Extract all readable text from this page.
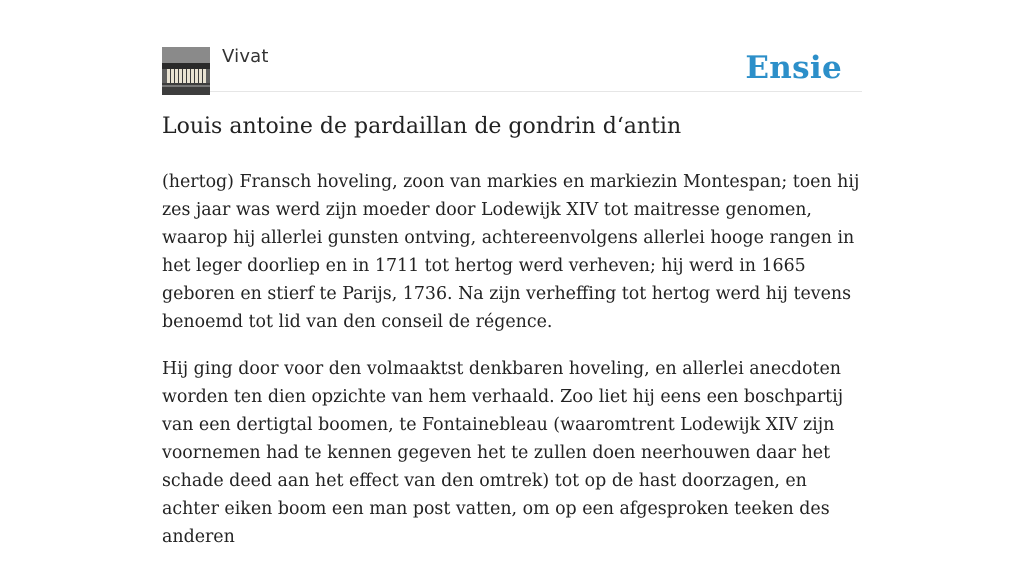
Vivat	Ensie
Louis antoine de pardaillan de gondrin d‘antin

(hertog) Fransch hoveling, zoon van markies en markiezin Montespan; toen hij zes jaar was werd zijn moeder door Lodewijk XIV tot maitresse genomen, waarop hij allerlei gunsten ontving, achtereenvolgens allerlei hooge rangen in het leger doorliep en in 1711 tot hertog werd verheven; hij werd in 1665 geboren en stierf te Parijs, 1736. Na zijn verheffing tot hertog werd hij tevens benoemd tot lid van den conseil de régence.

Hij ging door voor den volmaaktst denkbaren hoveling, en allerlei anecdoten worden ten dien opzichte van hem verhaald. Zoo liet hij eens een boschpartij van een dertigtal boomen, te Fontainebleau (waaromtrent Lodewijk XIV zijn voornemen had te kennen gegeven het te zullen doen neerhouwen daar het schade deed aan het effect van den omtrek) tot op de hast doorzagen, en achter eiken boom een man post vatten, om op een afgesproken teeken des anderen
